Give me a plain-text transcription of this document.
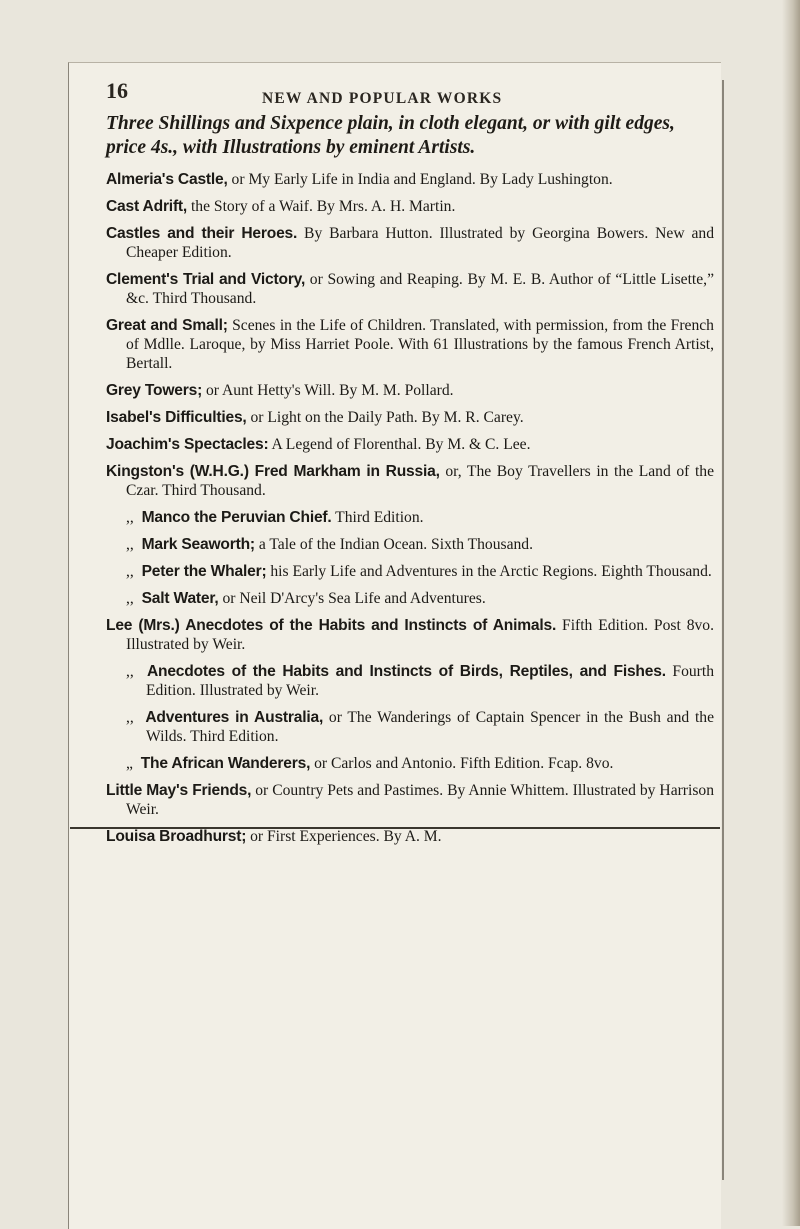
16	NEW AND POPULAR WORKS
Three Shillings and Sixpence plain, in cloth elegant, or with gilt edges, price 4s., with Illustrations by eminent Artists.
Almeria's Castle, or My Early Life in India and England. By Lady Lushington.
Cast Adrift, the Story of a Waif. By Mrs. A. H. Martin.
Castles and their Heroes. By Barbara Hutton. Illustrated by Georgina Bowers. New and Cheaper Edition.
Clement's Trial and Victory, or Sowing and Reaping. By M. E. B. Author of “Little Lisette,” &c. Third Thousand.
Great and Small; Scenes in the Life of Children. Translated, with permission, from the French of Mdlle. Laroque, by Miss Harriet Poole. With 61 Illustrations by the famous French Artist, Bertall.
Grey Towers; or Aunt Hetty's Will. By M. M. Pollard.
Isabel's Difficulties, or Light on the Daily Path. By M. R. Carey.
Joachim's Spectacles: A Legend of Florenthal. By M. & C. Lee.
Kingston's (W.H.G.) Fred Markham in Russia, or, The Boy Travellers in the Land of the Czar. Third Thousand.
,,  Manco the Peruvian Chief. Third Edition.
,,  Mark Seaworth; a Tale of the Indian Ocean. Sixth Thousand.
,,  Peter the Whaler; his Early Life and Adventures in the Arctic Regions. Eighth Thousand.
,,  Salt Water, or Neil D'Arcy's Sea Life and Adventures.
Lee (Mrs.) Anecdotes of the Habits and Instincts of Animals. Fifth Edition. Post 8vo. Illustrated by Weir.
,,  Anecdotes of the Habits and Instincts of Birds, Reptiles, and Fishes. Fourth Edition. Illustrated by Weir.
,,  Adventures in Australia, or The Wanderings of Captain Spencer in the Bush and the Wilds. Third Edition.
„  The African Wanderers, or Carlos and Antonio. Fifth Edition. Fcap. 8vo.
Little May's Friends, or Country Pets and Pastimes. By Annie Whittem. Illustrated by Harrison Weir.
Louisa Broadhurst; or First Experiences. By A. M.
